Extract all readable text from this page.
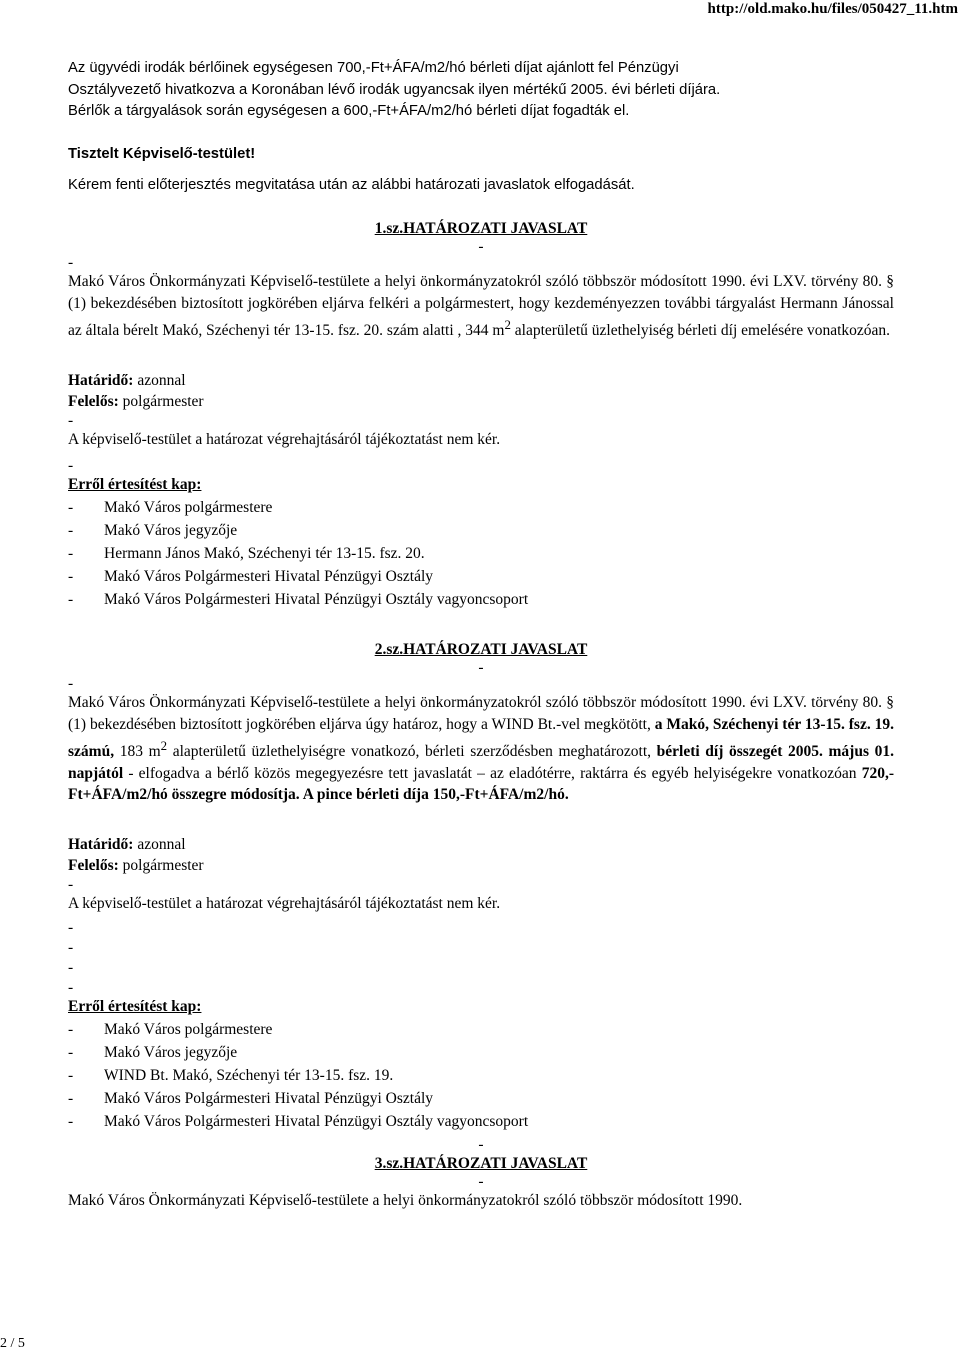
http://old.mako.hu/files/050427_11.htm

Az ügyvédi irodák bérlőinek egységesen 700,-Ft+ÁFA/m2/hó bérleti díjat ajánlott fel Pénzügyi

Osztályvezető hivatkozva a Koronában lévő irodák ugyancsak ilyen mértékű 2005. évi bérleti díjára.

Bérlők a tárgyalások során egységesen a 600,-Ft+ÁFA/m2/hó bérleti díjat fogadták el.

Tisztelt Képviselő-testület!

Kérem fenti előterjesztés megvitatása után az alábbi határozati javaslatok elfogadását.

1.sz.HATÁROZATI JAVASLAT

-

-

Makó Város Önkormányzati Képviselő-testülete a helyi önkormányzatokról szóló többször módosított 1990. évi LXV. törvény 80. § (1) bekezdésében biztosított jogkörében eljárva felkéri a polgármestert, hogy kezdeményezzen további tárgyalást Hermann Jánossal az általa bérelt Makó, Széchenyi tér 13-15. fsz. 20. szám alatti , 344 $m^2$ alapterületű üzlethelyiség bérleti díj emelésére vonatkozóan.

Határidő: azonnal

Felelős: polgármester

-

A képviselő-testület a határozat végrehajtásáról tájékoztatást nem kér.

-

Erről értesítést kap:

- Makó Város polgármestere
- Makó Város jegyzője
- Hermann János Makó, Széchenyi tér 13-15. fsz. 20.
- Makó Város Polgármesteri Hivatal Pénzügyi Osztály
- Makó Város Polgármesteri Hivatal Pénzügyi Osztály vagyoncsoport

2.sz.HATÁROZATI JAVASLAT

-

-

Makó Város Önkormányzati Képviselő-testülete a helyi önkormányzatokról szóló többször módosított 1990. évi LXV. törvény 80. § (1) bekezdésében biztosított jogkörében eljárva úgy határoz, hogy a WIND Bt.-vel megkötött, a Makó, Széchenyi tér 13-15. fsz. 19. számú, 183 $m^2$ alapterületű üzlethelyiségre vonatkozó, bérleti szerződésben meghatározott, bérleti díj összegét 2005. május 01. napjától - elfogadva a bérlő közös megegyezésre tett javaslatát – az eladótérre, raktárra és egyéb helyiségekre vonatkozóan 720,-Ft+ÁFA/m2/hó összegre módosítja. A pince bérleti díja 150,-Ft+ÁFA/m2/hó.

Határidő: azonnal

Felelős: polgármester

-

A képviselő-testület a határozat végrehajtásáról tájékoztatást nem kér.

-

-

-

-

Erről értesítést kap:

- Makó Város polgármestere
- Makó Város jegyzője
- WIND Bt. Makó, Széchenyi tér 13-15. fsz. 19.
- Makó Város Polgármesteri Hivatal Pénzügyi Osztály
- Makó Város Polgármesteri Hivatal Pénzügyi Osztály vagyoncsoport

-

3.sz.HATÁROZATI JAVASLAT

-

Makó Város Önkormányzati Képviselő-testülete a helyi önkormányzatokról szóló többször módosított 1990.

2 / 5
